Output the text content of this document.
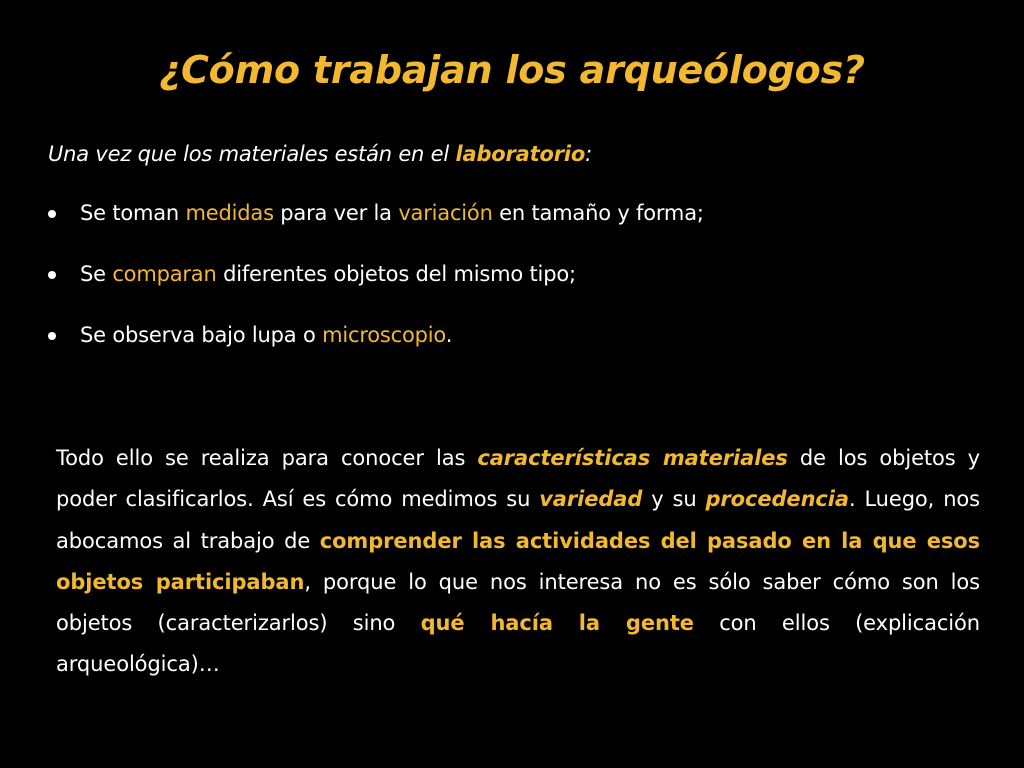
¿Cómo trabajan los arqueólogos?
Una vez que los materiales están en el laboratorio:
Se toman medidas para ver la variación en tamaño y forma;
Se comparan diferentes objetos del mismo tipo;
Se observa bajo lupa o microscopio.

Todo ello se realiza para conocer las características materiales de los objetos y poder clasificarlos. Así es cómo medimos su variedad y su procedencia. Luego, nos abocamos al trabajo de comprender las actividades del pasado en la que esos objetos participaban, porque lo que nos interesa no es sólo saber cómo son los objetos (caracterizarlos) sino qué hacía la gente con ellos (explicación arqueológica)…
